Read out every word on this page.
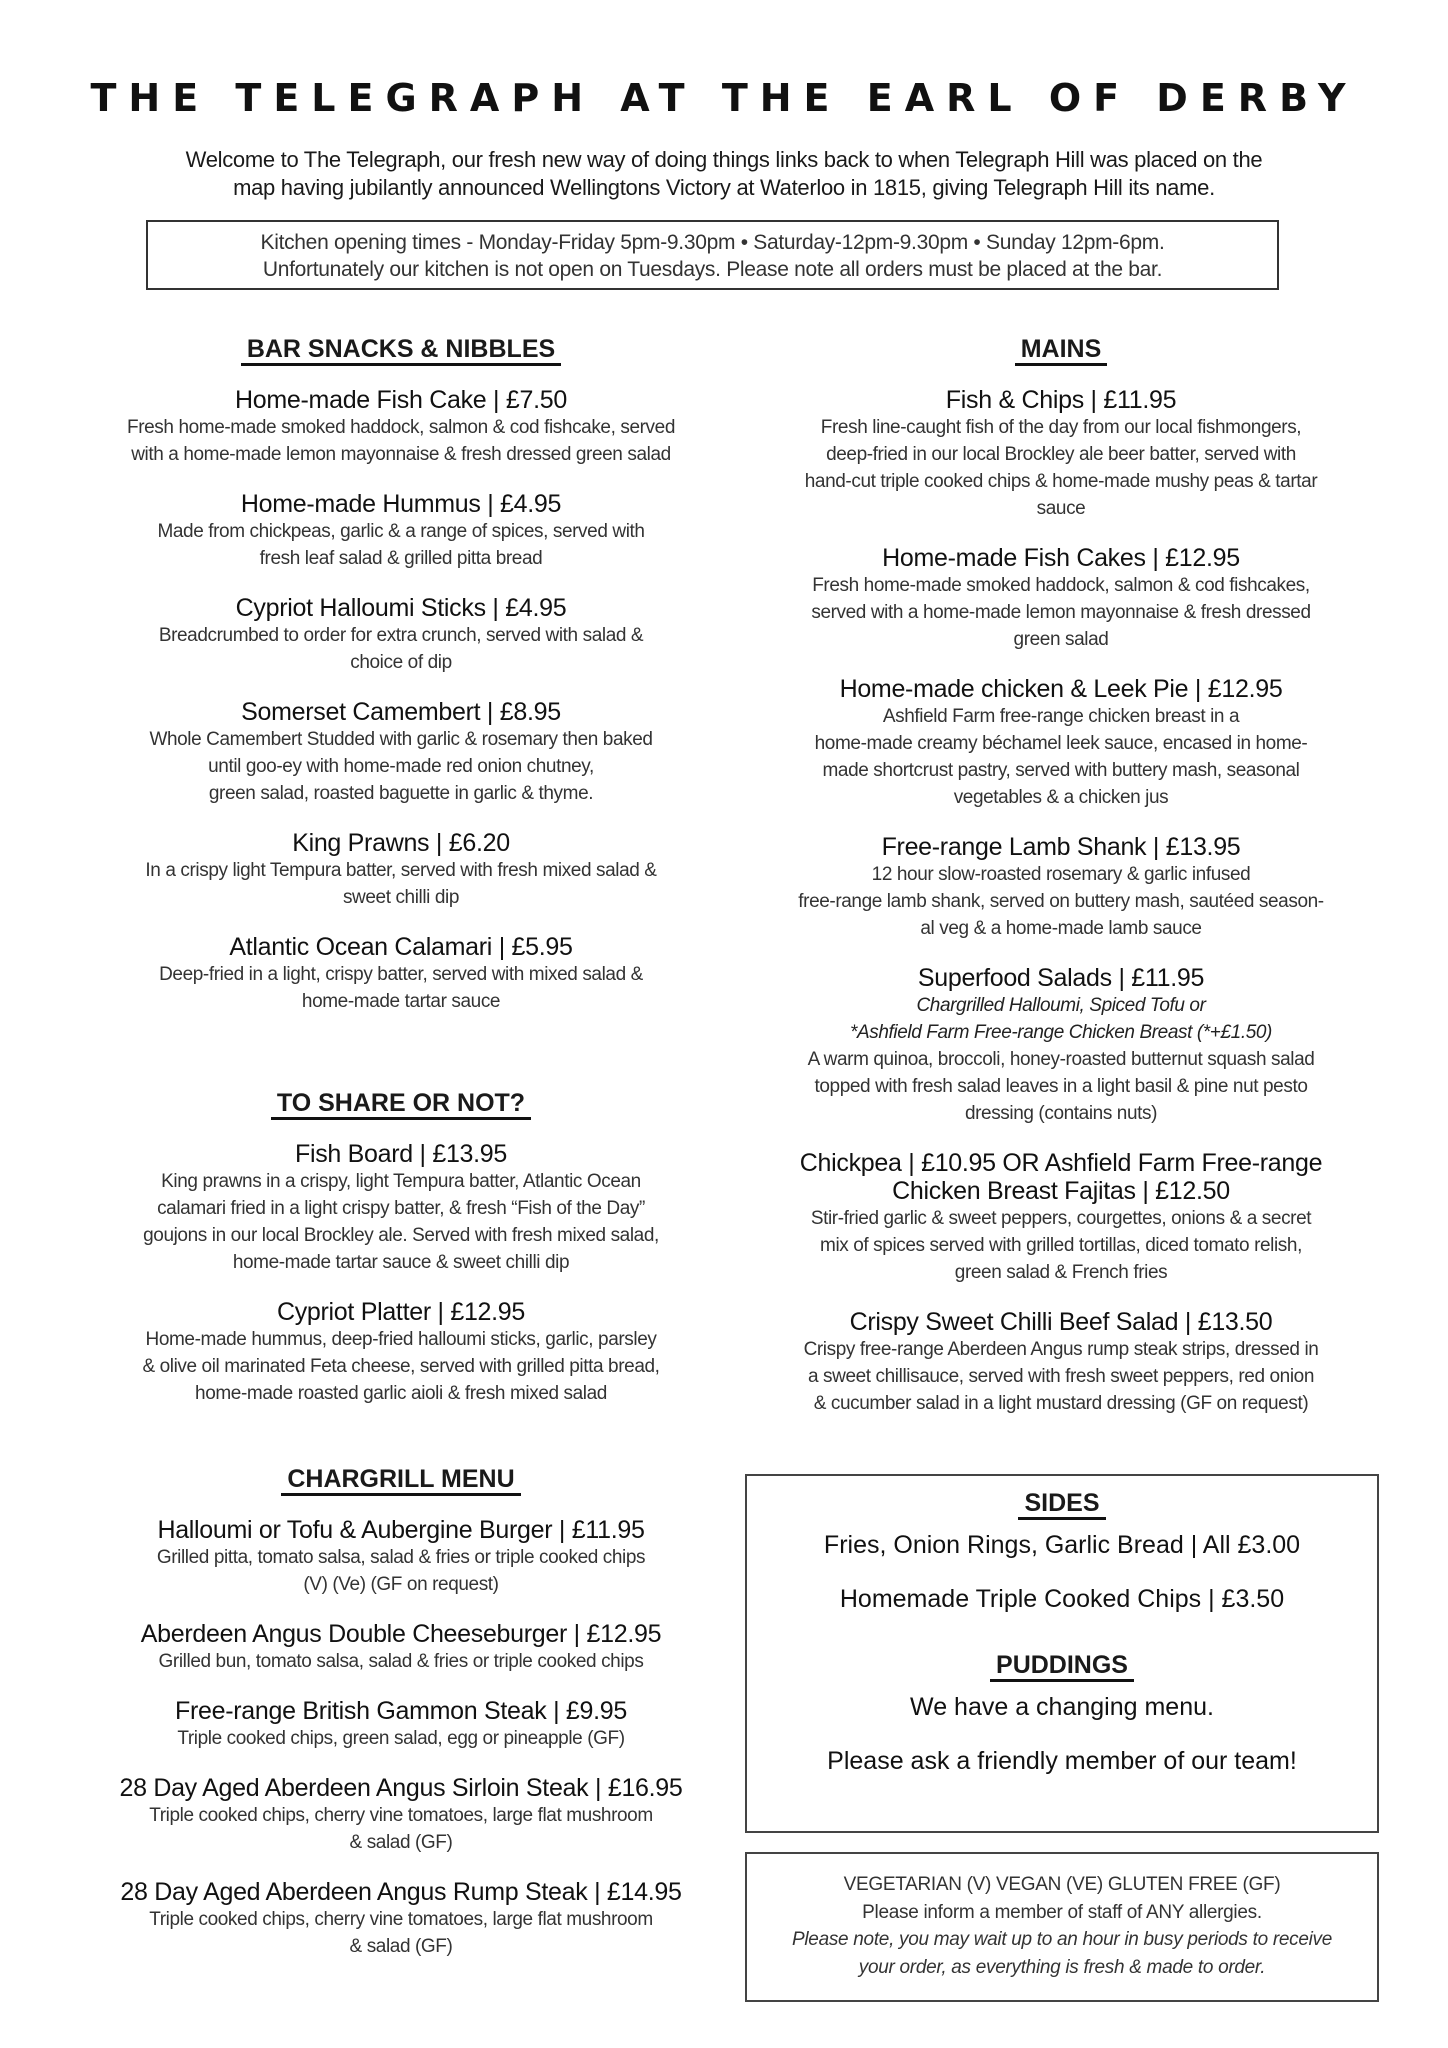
THE TELEGRAPH AT THE EARL OF DERBY
Welcome to The Telegraph, our fresh new way of doing things links back to when Telegraph Hill was placed on the
map having jubilantly announced Wellingtons Victory at Waterloo in 1815, giving Telegraph Hill its name.
Kitchen opening times - Monday-Friday 5pm-9.30pm • Saturday-12pm-9.30pm • Sunday 12pm-6pm.
Unfortunately our kitchen is not open on Tuesdays. Please note all orders must be placed at the bar.
BAR SNACKS & NIBBLES
Home-made Fish Cake | £7.50
Fresh home-made smoked haddock, salmon & cod fishcake, served
with a home-made lemon mayonnaise & fresh dressed green salad
Home-made Hummus | £4.95
Made from chickpeas, garlic & a range of spices, served with
fresh leaf salad & grilled pitta bread
Cypriot Halloumi Sticks | £4.95
Breadcrumbed to order for extra crunch, served with salad &
choice of dip
Somerset Camembert | £8.95
Whole Camembert Studded with garlic & rosemary then baked
until goo-ey with home-made red onion chutney,
green salad, roasted baguette in garlic & thyme.
King Prawns | £6.20
In a crispy light Tempura batter, served with fresh mixed salad &
sweet chilli dip
Atlantic Ocean Calamari | £5.95
Deep-fried in a light, crispy batter, served with mixed salad &
home-made tartar sauce
TO SHARE OR NOT?
Fish Board | £13.95
King prawns in a crispy, light Tempura batter, Atlantic Ocean
calamari fried in a light crispy batter, & fresh “Fish of the Day”
goujons in our local Brockley ale. Served with fresh mixed salad,
home-made tartar sauce & sweet chilli dip
Cypriot Platter | £12.95
Home-made hummus, deep-fried halloumi sticks, garlic, parsley
& olive oil marinated Feta cheese, served with grilled pitta bread,
home-made roasted garlic aioli & fresh mixed salad
CHARGRILL MENU
Halloumi or Tofu & Aubergine Burger | £11.95
Grilled pitta, tomato salsa, salad & fries or triple cooked chips
(V) (Ve) (GF on request)
Aberdeen Angus Double Cheeseburger | £12.95
Grilled bun, tomato salsa, salad & fries or triple cooked chips
Free-range British Gammon Steak | £9.95
Triple cooked chips, green salad, egg or pineapple (GF)
28 Day Aged Aberdeen Angus Sirloin Steak | £16.95
Triple cooked chips, cherry vine tomatoes, large flat mushroom
& salad (GF)
28 Day Aged Aberdeen Angus Rump Steak | £14.95
Triple cooked chips, cherry vine tomatoes, large flat mushroom
& salad (GF)
MAINS
Fish & Chips | £11.95
Fresh line-caught fish of the day from our local fishmongers,
deep-fried in our local Brockley ale beer batter, served with
hand-cut triple cooked chips & home-made mushy peas & tartar
sauce
Home-made Fish Cakes | £12.95
Fresh home-made smoked haddock, salmon & cod fishcakes,
served with a home-made lemon mayonnaise & fresh dressed
green salad
Home-made chicken & Leek Pie | £12.95
Ashfield Farm free-range chicken breast in a
home-made creamy béchamel leek sauce, encased in home-
made shortcrust pastry, served with buttery mash, seasonal
vegetables & a chicken jus
Free-range Lamb Shank | £13.95
12 hour slow-roasted rosemary & garlic infused
free-range lamb shank, served on buttery mash, sautéed season-
al veg & a home-made lamb sauce
Superfood Salads | £11.95
Chargrilled Halloumi, Spiced Tofu or
*Ashfield Farm Free-range Chicken Breast (*+£1.50)
A warm quinoa, broccoli, honey-roasted butternut squash salad
topped with fresh salad leaves in a light basil & pine nut pesto
dressing (contains nuts)
Chickpea | £10.95 OR Ashfield Farm Free-range
Chicken Breast Fajitas | £12.50
Stir-fried garlic & sweet peppers, courgettes, onions & a secret
mix of spices served with grilled tortillas, diced tomato relish,
green salad & French fries
Crispy Sweet Chilli Beef Salad | £13.50
Crispy free-range Aberdeen Angus rump steak strips, dressed in
a sweet chillisauce, served with fresh sweet peppers, red onion
& cucumber salad in a light mustard dressing (GF on request)
SIDES
Fries, Onion Rings, Garlic Bread | All £3.00
Homemade Triple Cooked Chips | £3.50
PUDDINGS
We have a changing menu.
Please ask a friendly member of our team!
VEGETARIAN (V) VEGAN (VE) GLUTEN FREE (GF)
Please inform a member of staff of ANY allergies.
Please note, you may wait up to an hour in busy periods to receive
your order, as everything is fresh & made to order.
